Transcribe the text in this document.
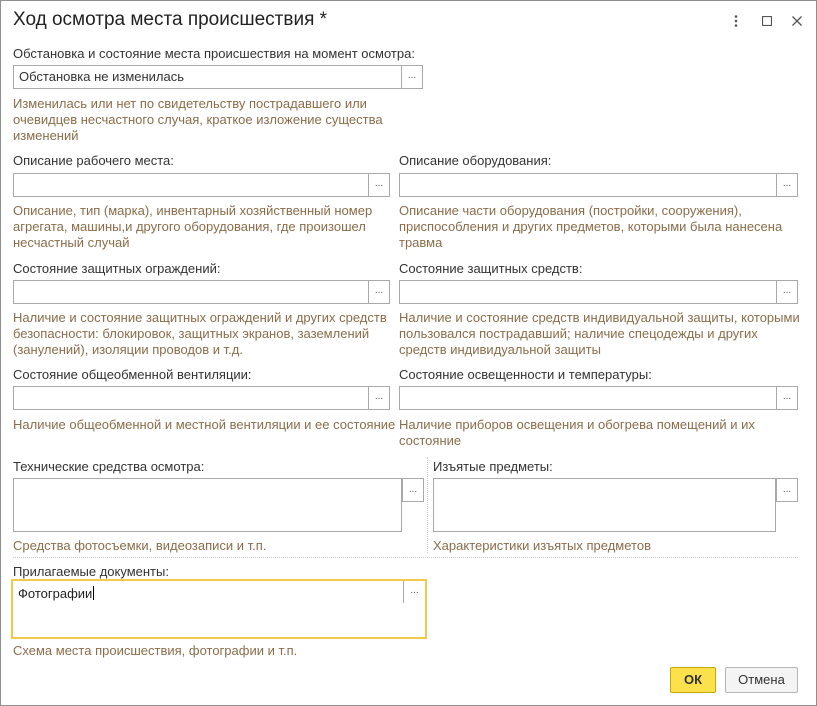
Ход осмотра места происшествия *
Обстановка и состояние места происшествия на момент осмотра:
Обстановка не изменилась	...
Изменилась или нет по свидетельству пострадавшего или очевидцев несчастного случая, краткое изложение существа изменений
Описание рабочего места:
...
Описание, тип (марка), инвентарный хозяйственный номер агрегата, машины,и другого оборудования, где произошел несчастный случай
Описание оборудования:
...
Описание части оборудования (постройки, сооружения), приспособления и других предметов, которыми была нанесена травма
Состояние защитных ограждений:
...
Наличие и состояние защитных ограждений и других средств безопасности: блокировок, защитных экранов, заземлений (занулений), изоляции проводов и т.д.
Состояние защитных средств:
...
Наличие и состояние средств индивидуальной защиты, которыми пользовался пострадавший; наличие спецодежды и других средств индивидуальной защиты
Состояние общеобменной вентиляции:
...
Наличие общеобменной и местной вентиляции и ее состояние
Состояние освещенности и температуры:
...
Наличие приборов освещения и обогрева помещений и их состояние
Технические средства осмотра:
...
Средства фотосъемки, видеозаписи и т.п.
Изъятые предметы:
...
Характеристики изъятых предметов
Прилагаемые документы:
Фотографии	...
Схема места происшествия, фотографии и т.п.
ОК	Отмена
